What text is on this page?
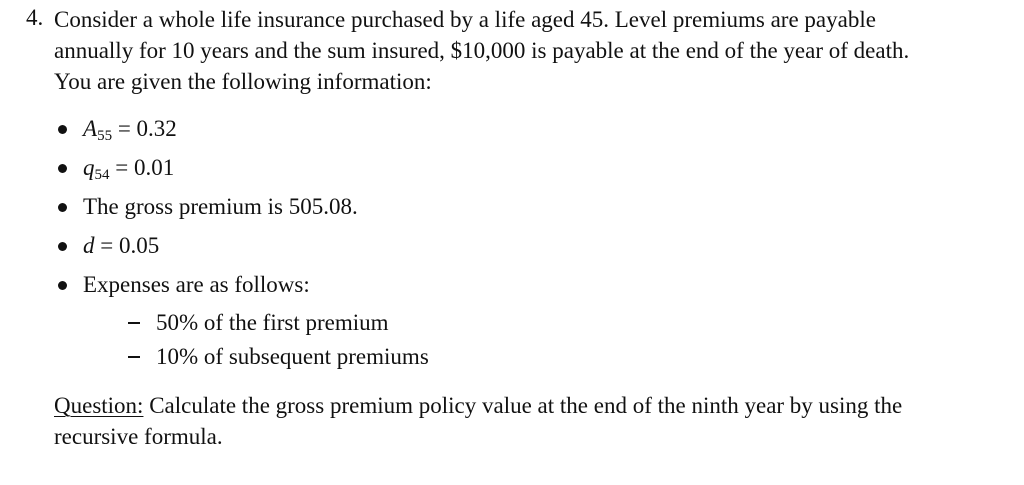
4. Consider a whole life insurance purchased by a life aged 45. Level premiums are payable
annually for 10 years and the sum insured, $10,000 is payable at the end of the year of death.
You are given the following information:
$A_{55} = 0.32$
$q_{54} = 0.01$
The gross premium is 505.08.
d = 0.05
Expenses are as follows:
50% of the first premium
10% of subsequent premiums
Question: Calculate the gross premium policy value at the end of the ninth year by using the
recursive formula.
